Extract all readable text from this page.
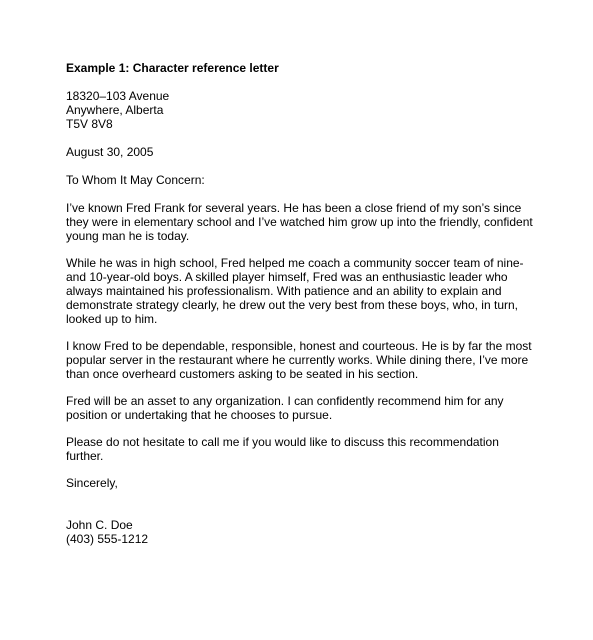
Example 1: Character reference letter
18320–103 Avenue
Anywhere, Alberta
T5V 8V8
August 30, 2005
To Whom It May Concern:
I’ve known Fred Frank for several years. He has been a close friend of my son’s since
they were in elementary school and I’ve watched him grow up into the friendly, confident
young man he is today.
While he was in high school, Fred helped me coach a community soccer team of nine-
and 10-year-old boys. A skilled player himself, Fred was an enthusiastic leader who
always maintained his professionalism. With patience and an ability to explain and
demonstrate strategy clearly, he drew out the very best from these boys, who, in turn,
looked up to him.
I know Fred to be dependable, responsible, honest and courteous. He is by far the most
popular server in the restaurant where he currently works. While dining there, I’ve more
than once overheard customers asking to be seated in his section.
Fred will be an asset to any organization. I can confidently recommend him for any
position or undertaking that he chooses to pursue.
Please do not hesitate to call me if you would like to discuss this recommendation
further.
Sincerely,
John C. Doe
(403) 555-1212
